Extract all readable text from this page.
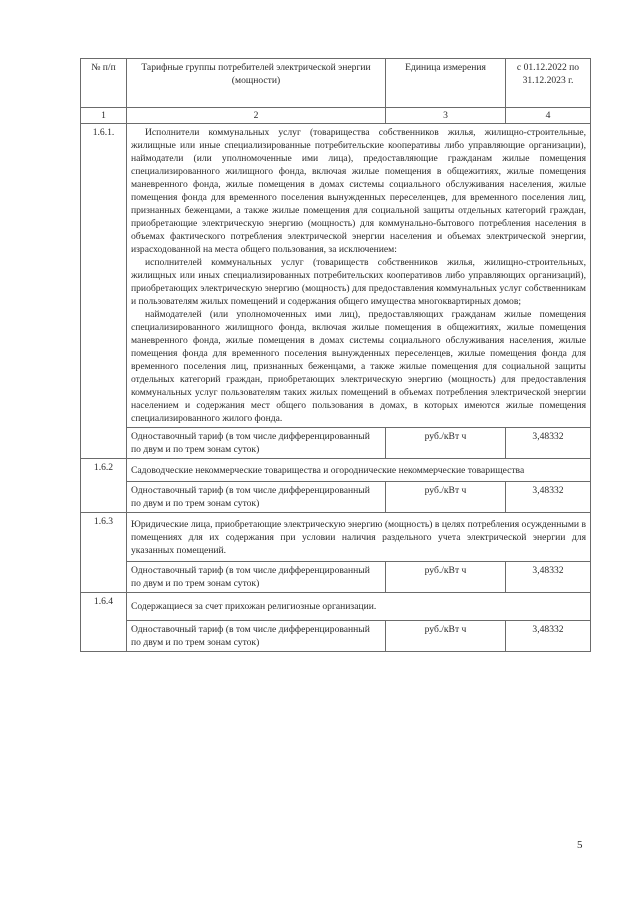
№ п/п	Тарифные группы потребителей электрической энергии (мощности)	Единица измерения	с 01.12.2022 по 31.12.2023 г.
1	2	3	4
1.6.1.	Исполнители коммунальных услуг (товарищества собственников жилья, жилищно-строительные, жилищные или иные специализированные потребительские кооперативы либо управляющие организации), наймодатели (или уполномоченные ими лица), предоставляющие гражданам жилые помещения специализированного жилищного фонда, включая жилые помещения в общежитиях, жилые помещения маневренного фонда, жилые помещения в домах системы социального обслуживания населения, жилые помещения фонда для временного поселения вынужденных переселенцев, для временного поселения лиц, признанных беженцами, а также жилые помещения для социальной защиты отдельных категорий граждан, приобретающие электрическую энергию (мощность) для коммунально-бытового потребления населения в объемах фактического потребления электрической энергии населения и объемах электрической энергии, израсходованной на места общего пользования, за исключением:

исполнителей коммунальных услуг (товариществ собственников жилья, жилищно-строительных, жилищных или иных специализированных потребительских кооперативов либо управляющих организаций), приобретающих электрическую энергию (мощность) для предоставления коммунальных услуг собственникам и пользователям жилых помещений и содержания общего имущества многоквартирных домов;

наймодателей (или уполномоченных ими лиц), предоставляющих гражданам жилые помещения специализированного жилищного фонда, включая жилые помещения в общежитиях, жилые помещения маневренного фонда, жилые помещения в домах системы социального обслуживания населения, жилые помещения фонда для временного поселения вынужденных переселенцев, жилые помещения фонда для временного поселения лиц, признанных беженцами, а также жилые помещения для социальной защиты отдельных категорий граждан, приобретающих электрическую энергию (мощность) для предоставления коммунальных услуг пользователям таких жилых помещений в объемах потребления электрической энергии населением и содержания мест общего пользования в домах, в которых имеются жилые помещения специализированного жилого фонда.		

	Одноставочный тариф (в том числе дифференцированный по двум и по трем зонам суток)	руб./кВт ч	3,48332
1.6.2	Садоводческие некоммерческие товарищества и огороднические некоммерческие товарищества		

	Одноставочный тариф (в том числе дифференцированный по двум и по трем зонам суток)	руб./кВт ч	3,48332
1.6.3	Юридические лица, приобретающие электрическую энергию (мощность) в целях потребления осужденными в помещениях для их содержания при условии наличия раздельного учета электрической энергии для указанных помещений.		

	Одноставочный тариф (в том числе дифференцированный по двум и по трем зонам суток)	руб./кВт ч	3,48332
1.6.4	Содержащиеся за счет прихожан религиозные организации.		

	Одноставочный тариф (в том числе дифференцированный по двум и по трем зонам суток)	руб./кВт ч	3,48332
5
